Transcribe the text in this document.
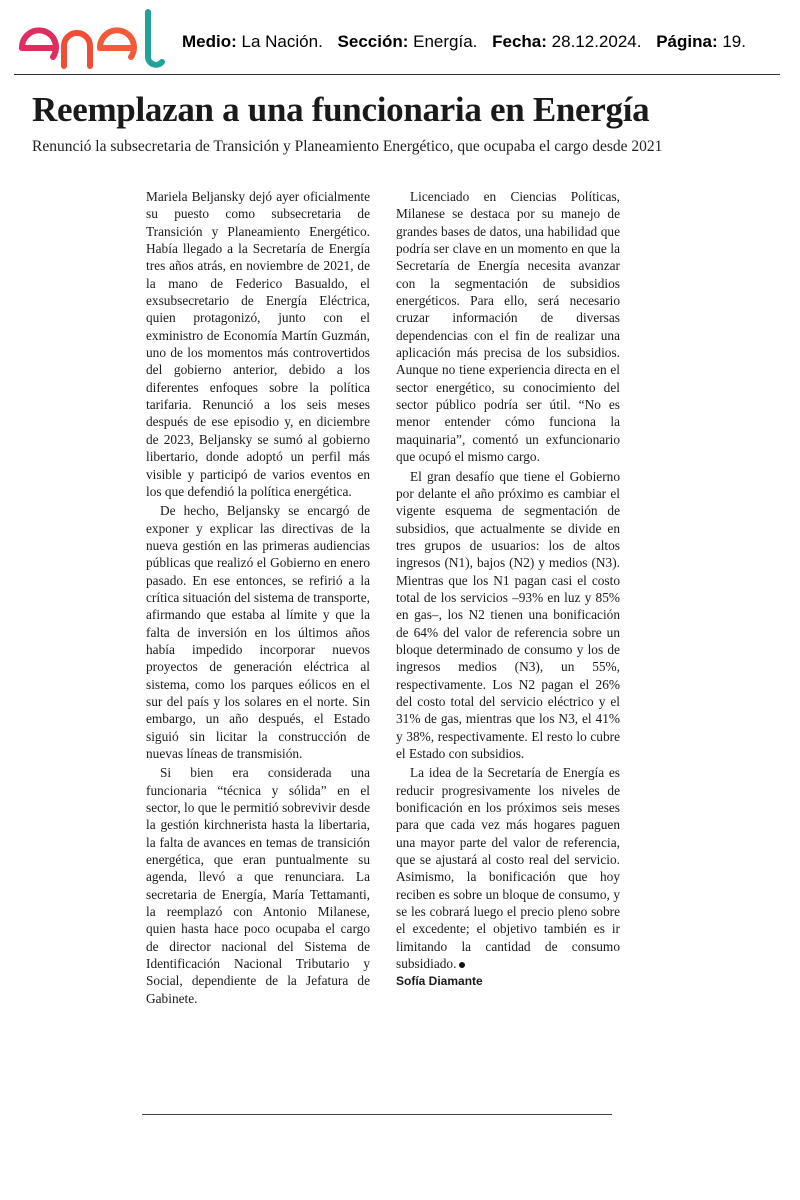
Medio: La Nación. Sección: Energía. Fecha: 28.12.2024. Página: 19.
Reemplazan a una funcionaria en Energía
Renunció la subsecretaria de Transición y Planeamiento Energético, que ocupaba el cargo desde 2021

Mariela Beljansky dejó ayer oficialmente su puesto como subsecretaria de Transición y Planeamiento Energético. Había llegado a la Secretaría de Energía tres años atrás, en noviembre de 2021, de la mano de Federico Basualdo, el exsubsecretario de Energía Eléctrica, quien protagonizó, junto con el exministro de Economía Martín Guzmán, uno de los momentos más controvertidos del gobierno anterior, debido a los diferentes enfoques sobre la política tarifaria. Renunció a los seis meses después de ese episodio y, en diciembre de 2023, Beljansky se sumó al gobierno libertario, donde adoptó un perfil más visible y participó de varios eventos en los que defendió la política energética.

De hecho, Beljansky se encargó de exponer y explicar las directivas de la nueva gestión en las primeras audiencias públicas que realizó el Gobierno en enero pasado. En ese entonces, se refirió a la crítica situación del sistema de transporte, afirmando que estaba al límite y que la falta de inversión en los últimos años había impedido incorporar nuevos proyectos de generación eléctrica al sistema, como los parques eólicos en el sur del país y los solares en el norte. Sin embargo, un año después, el Estado siguió sin licitar la construcción de nuevas líneas de transmisión.

Si bien era considerada una funcionaria “técnica y sólida” en el sector, lo que le permitió sobrevivir desde la gestión kirchnerista hasta la libertaria, la falta de avances en temas de transición energética, que eran puntualmente su agenda, llevó a que renunciara. La secretaria de Energía, María Tettamanti, la reemplazó con Antonio Milanese, quien hasta hace poco ocupaba el cargo de director nacional del Sistema de Identificación Nacional Tributario y Social, dependiente de la Jefatura de Gabinete.

Licenciado en Ciencias Políticas, Milanese se destaca por su manejo de grandes bases de datos, una habilidad que podría ser clave en un momento en que la Secretaría de Energía necesita avanzar con la segmentación de subsidios energéticos. Para ello, será necesario cruzar información de diversas dependencias con el fin de realizar una aplicación más precisa de los subsidios. Aunque no tiene experiencia directa en el sector energético, su conocimiento del sector público podría ser útil. “No es menor entender cómo funciona la maquinaria”, comentó un exfuncionario que ocupó el mismo cargo.

El gran desafío que tiene el Gobierno por delante el año próximo es cambiar el vigente esquema de segmentación de subsidios, que actualmente se divide en tres grupos de usuarios: los de altos ingresos (N1), bajos (N2) y medios (N3). Mientras que los N1 pagan casi el costo total de los servicios –93% en luz y 85% en gas–, los N2 tienen una bonificación de 64% del valor de referencia sobre un bloque determinado de consumo y los de ingresos medios (N3), un 55%, respectivamente. Los N2 pagan el 26% del costo total del servicio eléctrico y el 31% de gas, mientras que los N3, el 41% y 38%, respectivamente. El resto lo cubre el Estado con subsidios.

La idea de la Secretaría de Energía es reducir progresivamente los niveles de bonificación en los próximos seis meses para que cada vez más hogares paguen una mayor parte del valor de referencia, que se ajustará al costo real del servicio. Asimismo, la bonificación que hoy reciben es sobre un bloque de consumo, y se les cobrará luego el precio pleno sobre el excedente; el objetivo también es ir limitando la cantidad de consumo subsidiado.

Sofía Diamante
